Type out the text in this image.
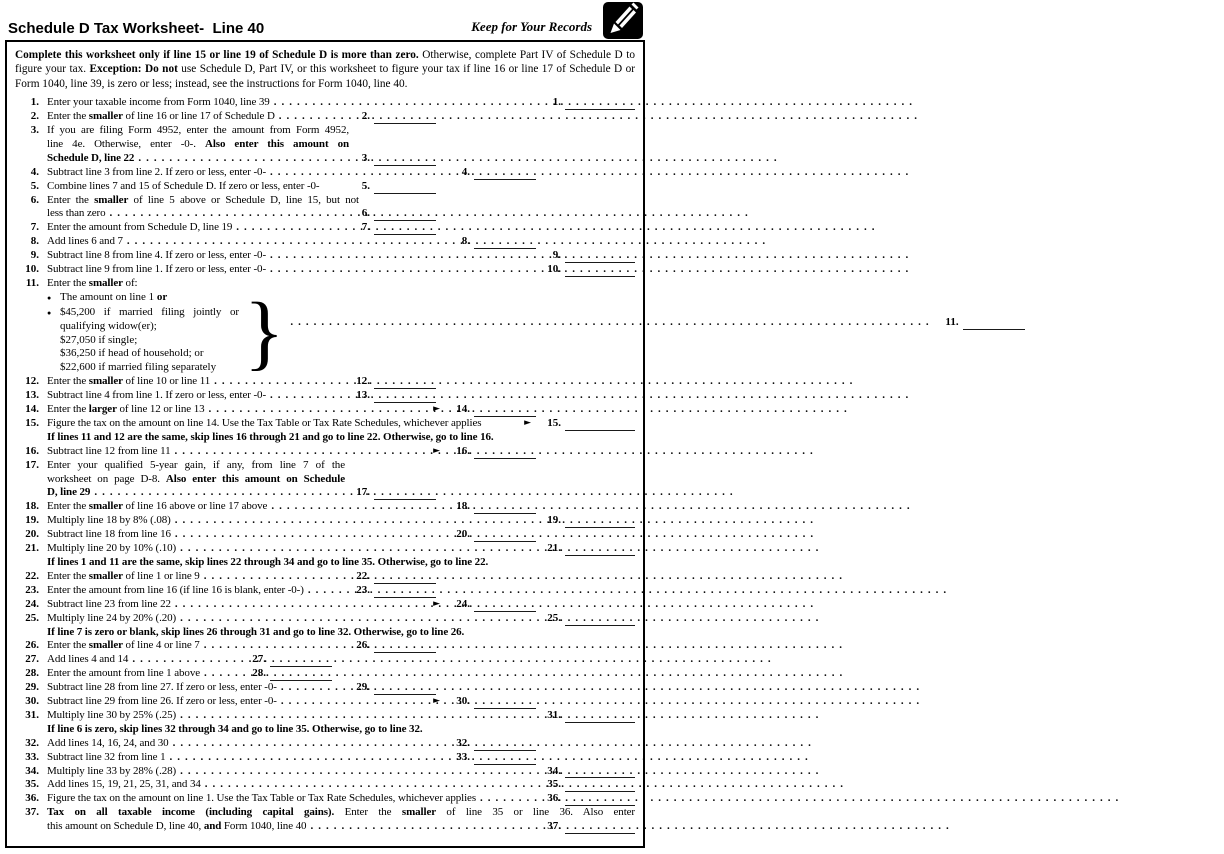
Schedule D Tax Worksheet-  Line 40	Keep for Your Records
Complete this worksheet only if line 15 or line 19 of Schedule D is more than zero. Otherwise, complete Part IV of Schedule D to figure your tax. Exception: Do not use Schedule D, Part IV, or this worksheet to figure your tax if line 16 or line 17 of Schedule D or Form 1040, line 39, is zero or less; instead, see the instructions for Form 1040, line 40.
1. Enter your taxable income from Form 1040, line 39 .....	1.
2. Enter the smaller of line 16 or line 17 of Schedule D .....	2.
3. If you are filing Form 4952, enter the amount from Form 4952,
line 4e. Otherwise, enter -0-. Also enter this amount on
Schedule D, line 22 .....	3.
4. Subtract line 3 from line 2. If zero or less, enter -0- .....	4.
5. Combine lines 7 and 15 of Schedule D. If zero or less, enter -0-	5.
6. Enter the smaller of line 5 above or Schedule D, line 15, but not
less than zero .....	6.
7. Enter the amount from Schedule D, line 19 .....	7.
8. Add lines 6 and 7 .....	8.
9. Subtract line 8 from line 4. If zero or less, enter -0- .....	9.
10. Subtract line 9 from line 1. If zero or less, enter -0- .....	10.
11. Enter the smaller of:
● The amount on line 1 or
● $45,200 if married filing jointly or
qualifying widow(er);
$27,050 if single;
$36,250 if head of household; or
$22,600 if married filing separately } .....	11.
12. Enter the smaller of line 10 or line 11 .....	12.
13. Subtract line 4 from line 1. If zero or less, enter -0- .....	13.
14. Enter the larger of line 12 or line 13 .....	►	14.
15. Figure the tax on the amount on line 14. Use the Tax Table or Tax Rate Schedules, whichever applies	►	15.
If lines 11 and 12 are the same, skip lines 16 through 21 and go to line 22. Otherwise, go to line 16.
16. Subtract line 12 from line 11 .....	►	16.
17. Enter your qualified 5-year gain, if any, from line 7 of the
worksheet on page D-8. Also enter this amount on Schedule
D, line 29 .....	17.
18. Enter the smaller of line 16 above or line 17 above .....	18.
19. Multiply line 18 by 8% (.08) .....	19.
20. Subtract line 18 from line 16 .....	20.
21. Multiply line 20 by 10% (.10) .....	21.
If lines 1 and 11 are the same, skip lines 22 through 34 and go to line 35. Otherwise, go to line 22.
22. Enter the smaller of line 1 or line 9 .....	22.
23. Enter the amount from line 16 (if line 16 is blank, enter -0-) .....	23.
24. Subtract line 23 from line 22 .....	►	24.
25. Multiply line 24 by 20% (.20) .....	25.
If line 7 is zero or blank, skip lines 26 through 31 and go to line 32. Otherwise, go to line 26.
26. Enter the smaller of line 4 or line 7 .....	26.
27. Add lines 4 and 14 .....	27.
28. Enter the amount from line 1 above .....	28.
29. Subtract line 28 from line 27. If zero or less, enter -0- .....	29.
30. Subtract line 29 from line 26. If zero or less, enter -0- .....	►	30.
31. Multiply line 30 by 25% (.25) .....	31.
If line 6 is zero, skip lines 32 through 34 and go to line 35. Otherwise, go to line 32.
32. Add lines 14, 16, 24, and 30 .....	32.
33. Subtract line 32 from line 1 .....	33.
34. Multiply line 33 by 28% (.28) .....	34.
35. Add lines 15, 19, 21, 25, 31, and 34 .....	35.
36. Figure the tax on the amount on line 1. Use the Tax Table or Tax Rate Schedules, whichever applies .....	36.
37. Tax on all taxable income (including capital gains). Enter the smaller of line 35 or line 36. Also enter
this amount on Schedule D, line 40, and Form 1040, line 40 .....	37.
